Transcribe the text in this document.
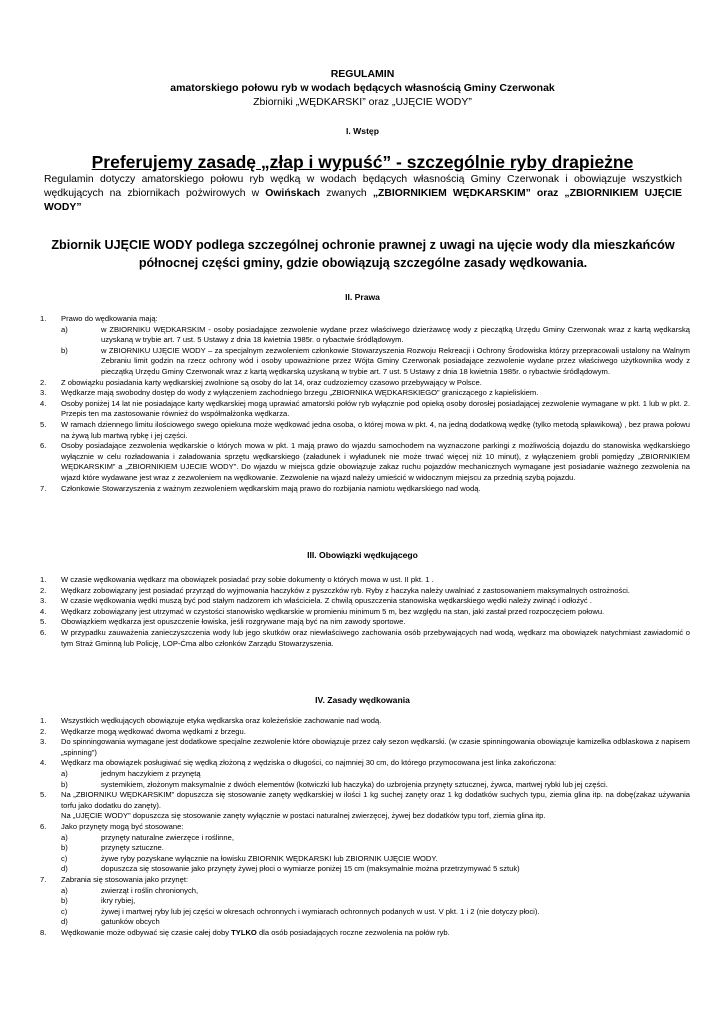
REGULAMIN
amatorskiego połowu ryb w wodach będących własnością Gminy Czerwonak
Zbiorniki „WĘDKARSKI” oraz „UJĘCIE WODY”
I. Wstęp
Preferujemy zasadę „złap i wypuść” - szczególnie ryby drapieżne
Regulamin dotyczy amatorskiego połowu ryb wędką w wodach będących własnością Gminy Czerwonak i obowiązuje wszystkich wędkujących na zbiornikach pożwirowych w Owińskach zwanych „ZBIORNIKIEM WĘDKARSKIM” oraz „ZBIORNIKIEM UJĘCIE WODY”
Zbiornik UJĘCIE WODY podlega szczególnej ochronie prawnej z uwagi na ujęcie wody dla mieszkańców północnej części gminy, gdzie obowiązują szczególne zasady wędkowania.
II. Prawa
1. Prawo do wędkowania mają:
a)	w ZBIORNIKU WĘDKARSKIM - osoby posiadające zezwolenie wydane przez właściwego dzierżawcę wody z pieczątką Urzędu Gminy Czerwonak wraz z kartą wędkarską uzyskaną w trybie art. 7 ust. 5 Ustawy z dnia 18 kwietnia 1985r. o rybactwie śródlądowym.
b)	w ZBIORNIKU UJĘCIE WODY – za specjalnym zezwoleniem członkowie Stowarzyszenia Rozwoju Rekreacji i Ochrony Środowiska którzy przepracowali ustalony na Walnym Zebraniu limit godzin na rzecz ochrony wód i osoby upoważnione przez Wójta Gminy Czerwonak posiadające zezwolenie wydane przez właściwego użytkownika wody z pieczątką Urzędu Gminy Czerwonak wraz z kartą wędkarską uzyskaną w trybie art. 7 ust. 5 Ustawy z dnia 18 kwietnia 1985r. o rybactwie śródlądowym.
2. Z obowiązku posiadania karty wędkarskiej zwolnione są osoby do lat 14, oraz cudzoziemcy czasowo przebywający w Polsce.
3. Wędkarze mają swobodny dostęp do wody z wyłączeniem zachodniego brzegu „ZBIORNIKA WĘDKARSKIEGO” graniczącego z kapieliskiem.
4. Osoby poniżej 14 lat nie posiadające karty wędkarskiej mogą uprawiać amatorski połów ryb wyłącznie pod opieką osoby dorosłej posiadającej zezwolenie wymagane w pkt. 1 lub w pkt. 2. Przepis ten ma zastosowanie również do współmałżonka wędkarza.
5. W ramach dziennego limitu ilościowego swego opiekuna może wędkować jedna osoba, o której mowa w pkt. 4, na jedną dodatkową wędkę (tylko metodą spławikową) , bez prawa połowu na żywą lub martwą rybkę i jej części.
6. Osoby posiadające zezwolenia wędkarskie o których mowa w pkt. 1 mają prawo do wjazdu samochodem na wyznaczone parkingi z możliwością dojazdu do stanowiska wędkarskiego wyłącznie w celu rozładowania i załadowania sprzętu wędkarskiego (załadunek i wyładunek nie może trwać więcej niż 10 minut), z wyłączeniem grobli pomiędzy „ZBIORNIKIEM WĘDKARSKIM” a „ZBIORNIKIEM UJECIE WODY”. Do wjazdu w miejsca gdzie obowiązuje zakaz ruchu pojazdów mechanicznych wymagane jest posiadanie ważnego zezwolenia na wjazd które wydawane jest wraz z zezwoleniem na wędkowanie. Zezwolenie na wjazd należy umieścić w widocznym miejscu za przednią szybą pojazdu.
7. Członkowie Stowarzyszenia z ważnym zezwoleniem wędkarskim mają prawo do rozbijania namiotu wędkarskiego nad wodą.
III. Obowiązki wędkującego
1. W czasie wędkowania wędkarz ma obowiązek posiadać przy sobie dokumenty o których mowa w ust. II pkt. 1 .
2. Wędkarz zobowiązany jest posiadać przyrząd do wyjmowania haczyków z pyszczków ryb. Ryby z haczyka należy uwalniać z zastosowaniem maksymalnych ostrożności.
3. W czasie wędkowania wędki muszą być pod stałym nadzorem ich właściciela. Z chwilą opuszczenia stanowiska wędkarskiego wędki należy zwinąć i odłożyć .
4. Wędkarz zobowiązany jest utrzymać w czystości stanowisko wędkarskie w promieniu minimum 5 m, bez względu na stan, jaki zastał przed rozpoczęciem połowu.
5. Obowiązkiem wędkarza jest opuszczenie łowiska, jeśli rozgrywane mają być na nim zawody sportowe.
6. W przypadku zauważenia zanieczyszczenia wody lub jego skutków oraz niewłaściwego zachowania osób przebywających nad wodą, wędkarz ma obowiązek natychmiast zawiadomić o tym Straż Gminną lub Policję, LOP-Ćma albo członków Zarządu Stowarzyszenia.
IV. Zasady wędkowania
1. Wszystkich wędkujących obowiązuje etyka wędkarska oraz koleżeńskie zachowanie nad wodą.
2. Wędkarze mogą wędkować dwoma wędkami z brzegu.
3. Do spinningowania wymagane jest dodatkowe specjalne zezwolenie które obowiązuje przez cały sezon wędkarski. (w czasie spinningowania obowiązuje kamizelka odblaskowa z napisem „spinning”)
4. Wędkarz ma obowiązek posługiwać się wędką złożoną z wędziska o długości, co najmniej 30 cm, do którego przymocowana jest linka zakończona:
a)	jednym haczykiem z przynętą
b)	systemikiem, złożonym maksymalnie z dwóch elementów (kotwiczki lub haczyka) do uzbrojenia przynęty sztucznej, żywca, martwej rybki lub jej części.
5. Na „ZBIORNIKU WĘDKARSKIM” dopuszcza się stosowanie zanęty wędkarskiej w ilości 1 kg suchej zanęty oraz 1 kg dodatków suchych typu, ziemia glina itp. na dobę(zakaz używania torfu jako dodatku do zanęty).
Na „UJĘCIE WODY” dopuszcza się stosowanie zanęty wyłącznie w postaci naturalnej zwierzęcej, żywej bez dodatków typu torf, ziemia glina itp.
6. Jako przynęty mogą być stosowane:
a)	przynęty naturalne zwierzęce i roślinne,
b)	przynęty sztuczne.
c)	żywe ryby pozyskane wyłącznie na łowisku ZBIORNIK WĘDKARSKI lub ZBIORNIK UJĘCIE WODY.
d)	dopuszcza się stosowanie jako przynęty żywej płoci o wymiarze poniżej 15 cm (maksymalnie można przetrzymywać 5 sztuk)
7. Zabrania się stosowania jako przynęt:
a)	zwierząt i roślin chronionych,
b)	ikry rybiej,
c)	żywej i martwej ryby lub jej części w okresach ochronnych i wymiarach ochronnych podanych w ust. V pkt. 1 i 2 (nie dotyczy płoci).
d)	gatunków obcych
8. Wędkowanie może odbywać się czasie całej doby TYLKO dla osób posiadających roczne zezwolenia na połów ryb.
